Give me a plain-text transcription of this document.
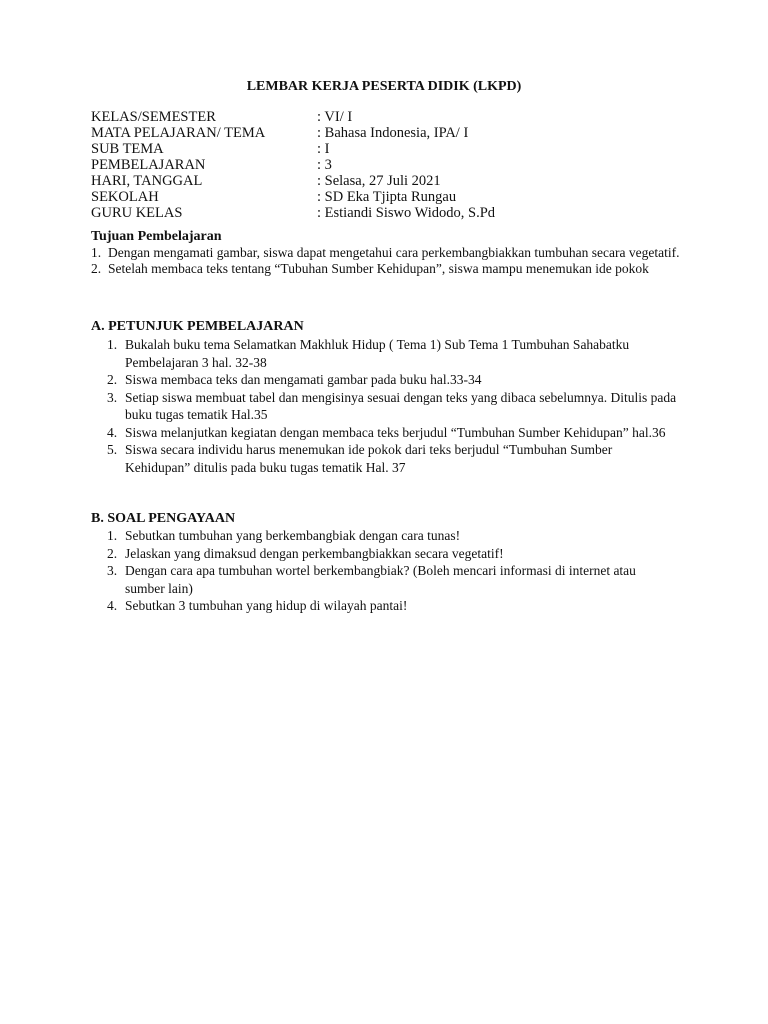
LEMBAR KERJA PESERTA DIDIK (LKPD)
KELAS/SEMESTER	: VI/ I
MATA PELAJARAN/ TEMA	: Bahasa Indonesia, IPA/ I
SUB TEMA	: I
PEMBELAJARAN	: 3
HARI, TANGGAL	: Selasa, 27 Juli 2021
SEKOLAH	: SD Eka Tjipta Rungau
GURU KELAS	: Estiandi Siswo Widodo, S.Pd
Tujuan Pembelajaran
1. Dengan mengamati gambar, siswa dapat mengetahui cara perkembangbiakkan tumbuhan secara vegetatif.
2. Setelah membaca teks tentang “Tubuhan Sumber Kehidupan”, siswa mampu menemukan ide pokok
A. PETUNJUK PEMBELAJARAN
1. Bukalah buku tema Selamatkan Makhluk Hidup ( Tema 1) Sub Tema 1 Tumbuhan Sahabatku Pembelajaran 3 hal. 32-38
2. Siswa membaca teks dan mengamati gambar pada buku hal.33-34
3. Setiap siswa membuat tabel dan mengisinya sesuai dengan teks yang dibaca sebelumnya. Ditulis pada buku tugas tematik Hal.35
4. Siswa melanjutkan kegiatan dengan membaca teks berjudul “Tumbuhan Sumber Kehidupan” hal.36
5. Siswa secara individu harus menemukan ide pokok dari teks berjudul “Tumbuhan Sumber Kehidupan” ditulis pada buku tugas tematik Hal. 37
B. SOAL PENGAYAAN
1. Sebutkan tumbuhan yang berkembangbiak dengan cara tunas!
2. Jelaskan yang dimaksud dengan perkembangbiakkan secara vegetatif!
3. Dengan cara apa tumbuhan wortel berkembangbiak? (Boleh mencari informasi di internet atau sumber lain)
4. Sebutkan 3 tumbuhan yang hidup di wilayah pantai!
